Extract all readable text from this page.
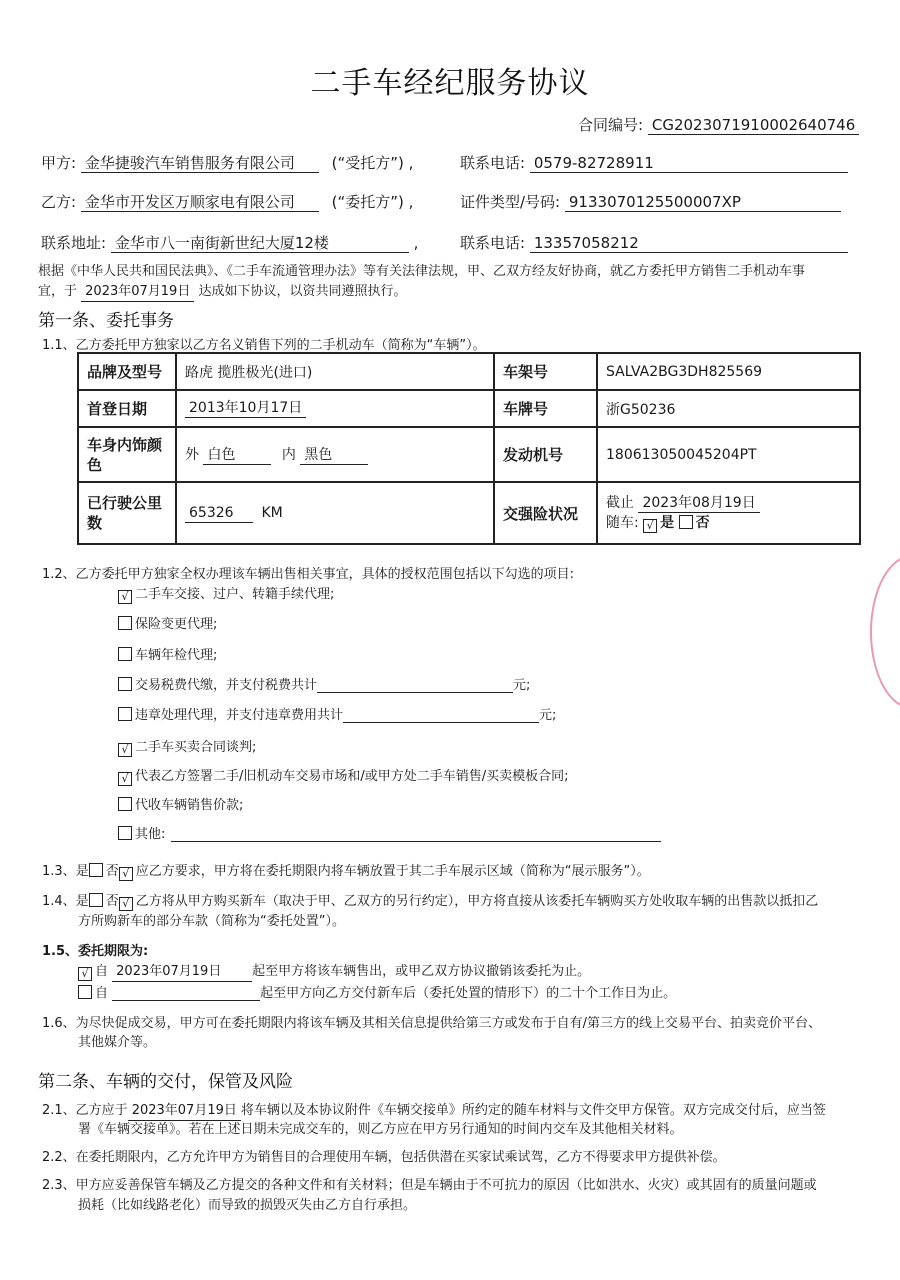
二手车经纪服务协议
合同编号: CG2023071910002640746
甲方: 金华捷骏汽车销售服务有限公司 (“受托方”) ,	联系电话: 0579-82728911
乙方: 金华市开发区万顺家电有限公司 (“委托方”) ,	证件类型/号码: 9133070125500007XP
联系地址: 金华市八一南街新世纪大厦12楼	,	联系电话: 13357058212
根据《中华人民共和国民法典》、《二手车流通管理办法》等有关法律法规，甲、乙双方经友好协商，就乙方委托甲方销售二手机动车事
宜，于 2023年07月19日 达成如下协议，以资共同遵照执行。
第一条、委托事务
1.1、乙方委托甲方独家以乙方名义销售下列的二手机动车（简称为“车辆”）。
品牌及型号	路虎 揽胜极光(进口)	车架号	SALVA2BG3DH825569
首登日期	2013年10月17日	车牌号	浙G50236
车身内饰颜色	外 白色 内 黑色	发动机号	180613050045204PT
已行驶公里数	65326 KM	交强险状况	截止 2023年08月19日
随车: √ 是 否
1.2、乙方委托甲方独家全权办理该车辆出售相关事宜，具体的授权范围包括以下勾选的项目:
√ 二手车交接、过户、转籍手续代理;
保险变更代理;
车辆年检代理;
交易税费代缴，并支付税费共计	元;
违章处理代理，并支付违章费用共计	元;
√ 二手车买卖合同谈判;
√ 代表乙方签署二手/旧机动车交易市场和/或甲方处二手车销售/买卖模板合同;
代收车辆销售价款;
其他:
1.3、是 否 √ 应乙方要求，甲方将在委托期限内将车辆放置于其二手车展示区域（简称为“展示服务”）。
1.4、是 否 √ 乙方将从甲方购买新车（取决于甲、乙双方的另行约定），甲方将直接从该委托车辆购买方处收取车辆的出售款以抵扣乙
方所购新车的部分车款（简称为“委托处置”）。
1.5、委托期限为:
√ 自 2023年07月19日 起至甲方将该车辆售出，或甲乙双方协议撤销该委托为止。
自	起至甲方向乙方交付新车后（委托处置的情形下）的二十个工作日为止。
1.6、为尽快促成交易，甲方可在委托期限内将该车辆及其相关信息提供给第三方或发布于自有/第三方的线上交易平台、拍卖竞价平台、
其他媒介等。
第二条、车辆的交付，保管及风险
2.1、乙方应于 2023年07月19日 将车辆以及本协议附件《车辆交接单》所约定的随车材料与文件交甲方保管。双方完成交付后，应当签
署《车辆交接单》。若在上述日期未完成交车的，则乙方应在甲方另行通知的时间内交车及其他相关材料。
2.2、在委托期限内，乙方允许甲方为销售目的合理使用车辆，包括供潜在买家试乘试驾，乙方不得要求甲方提供补偿。
2.3、甲方应妥善保管车辆及乙方提交的各种文件和有关材料；但是车辆由于不可抗力的原因（比如洪水、火灾）或其固有的质量问题或
损耗（比如线路老化）而导致的损毁灭失由乙方自行承担。
